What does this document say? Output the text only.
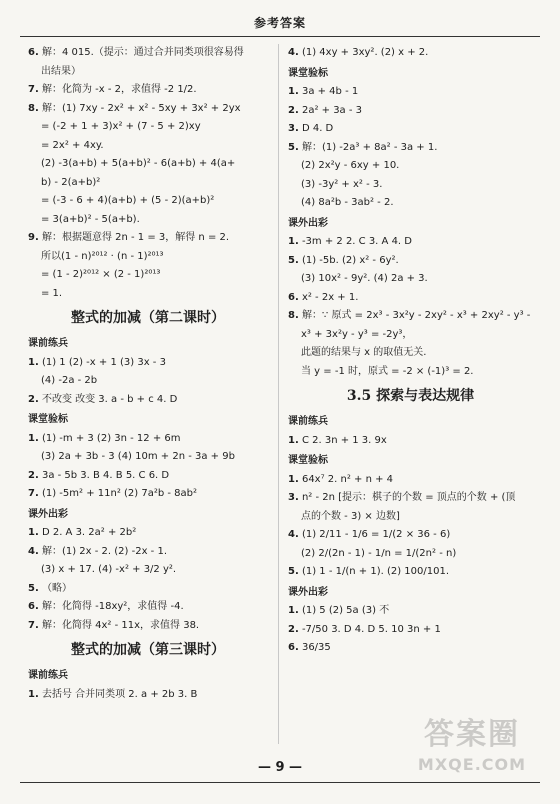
参考答案
6. 解：4 015.（提示：通过合并同类项很容易得
出结果）
7. 解：化简为 -x - 2，求值得 -2 1/2.
8. 解：(1) 7xy - 2x² + x² - 5xy + 3x² + 2yx
= (-2 + 1 + 3)x² + (7 - 5 + 2)xy
= 2x² + 4xy.
(2) -3(a+b) + 5(a+b)² - 6(a+b) + 4(a+
b) - 2(a+b)²
= (-3 - 6 + 4)(a+b) + (5 - 2)(a+b)²
= 3(a+b)² - 5(a+b).
9. 解：根据题意得 2n - 1 = 3，解得 n = 2.
所以(1 - n)²⁰¹² · (n - 1)²⁰¹³
= (1 - 2)²⁰¹² × (2 - 1)²⁰¹³
= 1.
整式的加减（第二课时）
课前练兵
1. (1) 1 (2) -x + 1 (3) 3x - 3
(4) -2a - 2b
2. 不改变 改变 3. a - b + c 4. D
课堂验标
1. (1) -m + 3 (2) 3n - 12 + 6m
(3) 2a + 3b - 3 (4) 10m + 2n - 3a + 9b
2. 3a - 5b 3. B 4. B 5. C 6. D
7. (1) -5m² + 11n² (2) 7a²b - 8ab²
课外出彩
1. D 2. A 3. 2a² + 2b²
4. 解：(1) 2x - 2. (2) -2x - 1.
(3) x + 17. (4) -x² + 3/2 y².
5. （略）
6. 解：化简得 -18xy²，求值得 -4.
7. 解：化简得 4x² - 11x，求值得 38.
整式的加减（第三课时）
课前练兵
1. 去括号 合并同类项 2. a + 2b 3. B
4. (1) 4xy + 3xy². (2) x + 2.
课堂验标
1. 3a + 4b - 1
2. 2a² + 3a - 3
3. D 4. D
5. 解：(1) -2a³ + 8a² - 3a + 1.
(2) 2x²y - 6xy + 10.
(3) -3y² + x² - 3.
(4) 8a²b - 3ab² - 2.
课外出彩
1. -3m + 2 2. C 3. A 4. D
5. (1) -5b. (2) x² - 6y².
(3) 10x² - 9y². (4) 2a + 3.
6. x² - 2x + 1.
8. 解：∵ 原式 = 2x³ - 3x²y - 2xy² - x³ + 2xy² - y³ -
x³ + 3x²y - y³ = -2y³，
此题的结果与 x 的取值无关.
当 y = -1 时，原式 = -2 × (-1)³ = 2.
3.5 探索与表达规律
课前练兵
1. C 2. 3n + 1 3. 9x
课堂验标
1. 64x⁷ 2. n² + n + 4
3. n² - 2n [提示：棋子的个数 = 顶点的个数 + (顶
点的个数 - 3) × 边数]
4. (1) 2/11 - 1/6 = 1/(2 × 36 - 6)
(2) 2/(2n - 1) - 1/n = 1/(2n² - n)
5. (1) 1 - 1/(n + 1). (2) 100/101.
课外出彩
1. (1) 5 (2) 5a (3) 不
2. -7/50 3. D 4. D 5. 10 3n + 1
6. 36/35
— 9 —
答案圈
MXQE.COM
